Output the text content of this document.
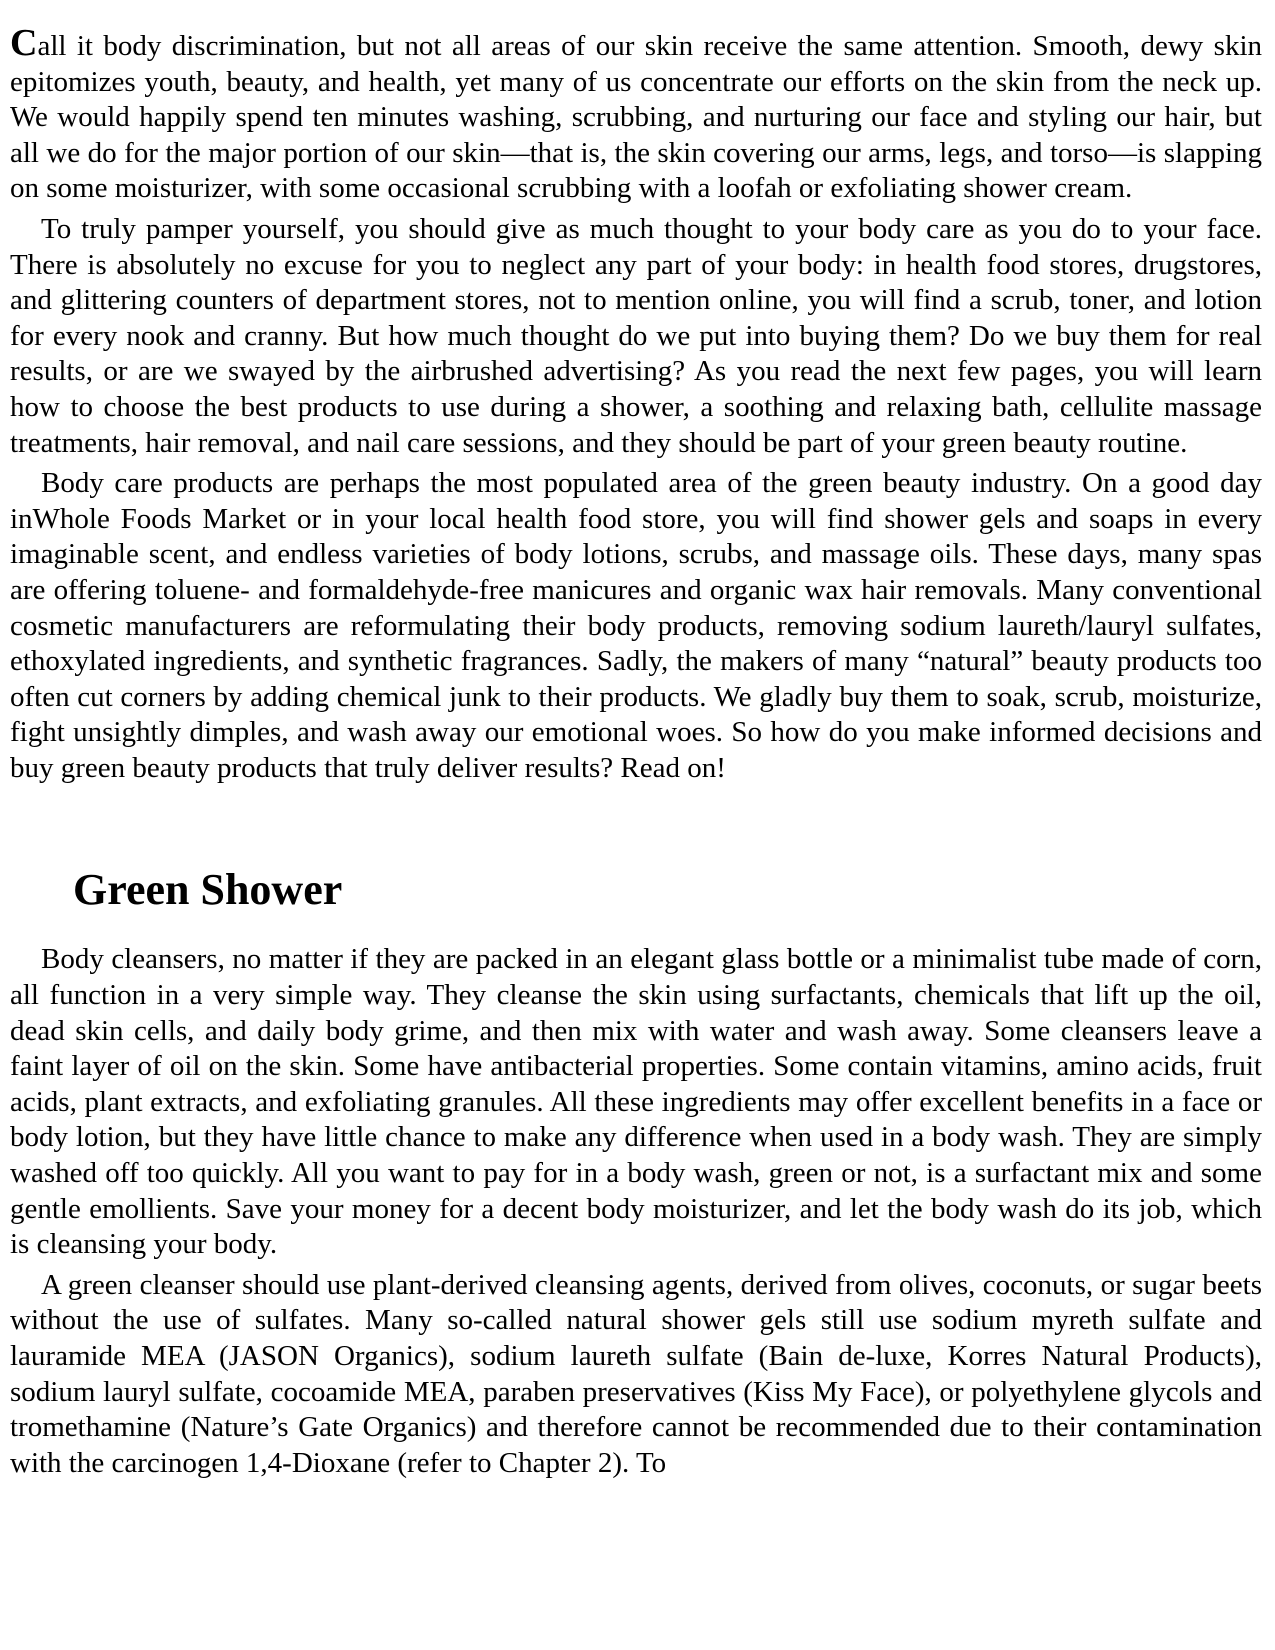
Call it body discrimination, but not all areas of our skin receive the same attention. Smooth, dewy skin epitomizes youth, beauty, and health, yet many of us concentrate our efforts on the skin from the neck up. We would happily spend ten minutes washing, scrubbing, and nurturing our face and styling our hair, but all we do for the major portion of our skin—that is, the skin covering our arms, legs, and torso—is slapping on some moisturizer, with some occasional scrubbing with a loofah or exfoliating shower cream.

To truly pamper yourself, you should give as much thought to your body care as you do to your face. There is absolutely no excuse for you to neglect any part of your body: in health food stores, drugstores, and glittering counters of department stores, not to mention online, you will find a scrub, toner, and lotion for every nook and cranny. But how much thought do we put into buying them? Do we buy them for real results, or are we swayed by the airbrushed advertising? As you read the next few pages, you will learn how to choose the best products to use during a shower, a soothing and relaxing bath, cellulite massage treatments, hair removal, and nail care sessions, and they should be part of your green beauty routine.

Body care products are perhaps the most populated area of the green beauty industry. On a good day inWhole Foods Market or in your local health food store, you will find shower gels and soaps in every imaginable scent, and endless varieties of body lotions, scrubs, and massage oils. These days, many spas are offering toluene- and formaldehyde-free manicures and organic wax hair removals. Many conventional cosmetic manufacturers are reformulating their body products, removing sodium laureth/lauryl sulfates, ethoxylated ingredients, and synthetic fragrances. Sadly, the makers of many “natural” beauty products too often cut corners by adding chemical junk to their products. We gladly buy them to soak, scrub, moisturize, fight unsightly dimples, and wash away our emotional woes. So how do you make informed decisions and buy green beauty products that truly deliver results? Read on!

Green Shower

Body cleansers, no matter if they are packed in an elegant glass bottle or a minimalist tube made of corn, all function in a very simple way. They cleanse the skin using surfactants, chemicals that lift up the oil, dead skin cells, and daily body grime, and then mix with water and wash away. Some cleansers leave a faint layer of oil on the skin. Some have antibacterial properties. Some contain vitamins, amino acids, fruit acids, plant extracts, and exfoliating granules. All these ingredients may offer excellent benefits in a face or body lotion, but they have little chance to make any difference when used in a body wash. They are simply washed off too quickly. All you want to pay for in a body wash, green or not, is a surfactant mix and some gentle emollients. Save your money for a decent body moisturizer, and let the body wash do its job, which is cleansing your body.

A green cleanser should use plant-derived cleansing agents, derived from olives, coconuts, or sugar beets without the use of sulfates. Many so-called natural shower gels still use sodium myreth sulfate and lauramide MEA (JASON Organics), sodium laureth sulfate (Bain de-luxe, Korres Natural Products), sodium lauryl sulfate, cocoamide MEA, paraben preservatives (Kiss My Face), or polyethylene glycols and tromethamine (Nature’s Gate Organics) and therefore cannot be recommended due to their contamination with the carcinogen 1,4-Dioxane (refer to Chapter 2). To
